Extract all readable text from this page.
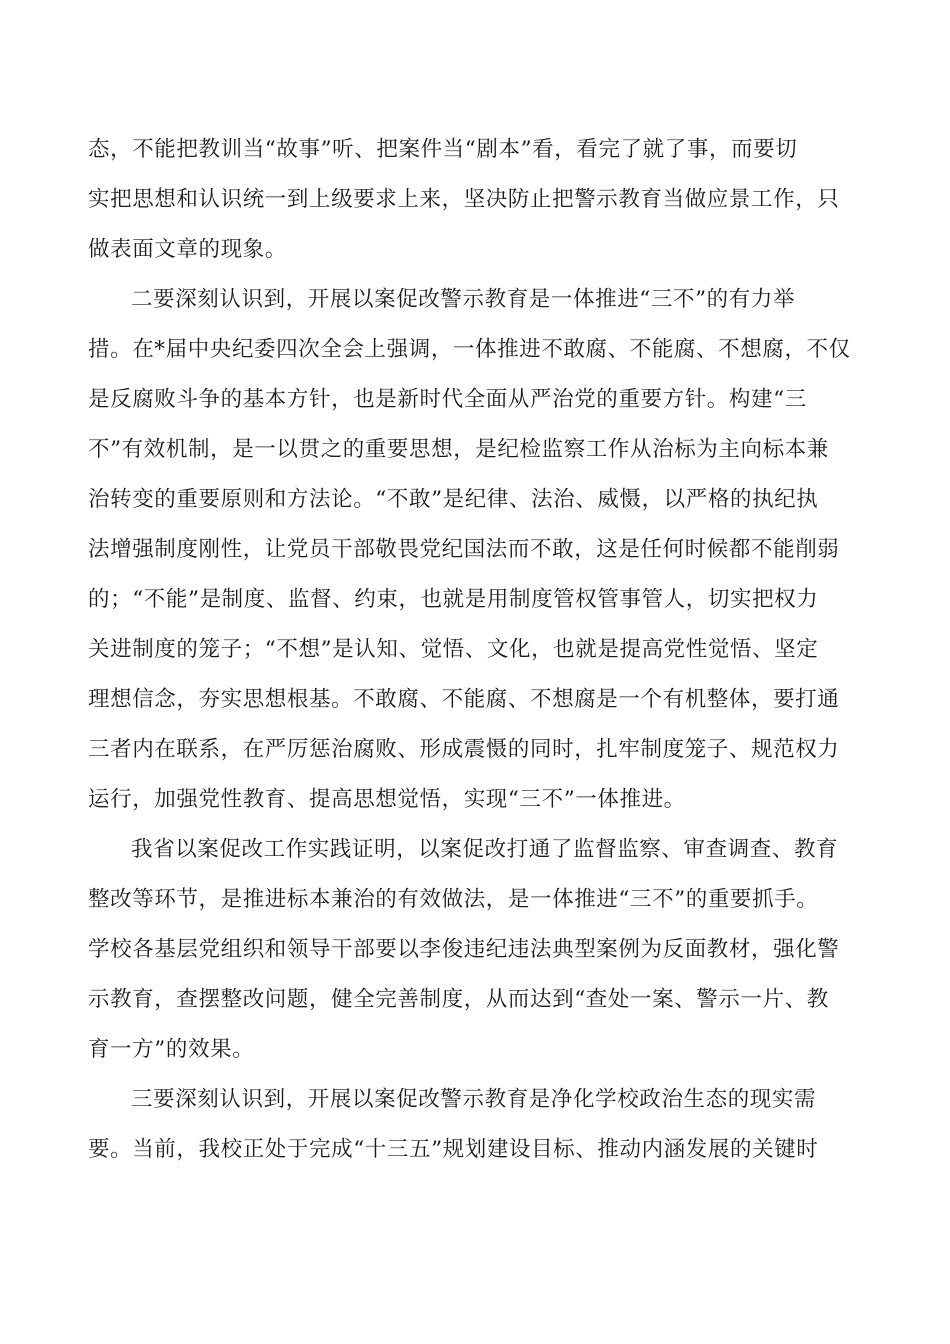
态，不能把教训当“故事”听、把案件当“剧本”看，看完了就了事，而要切
实把思想和认识统一到上级要求上来，坚决防止把警示教育当做应景工作，只
做表面文章的现象。
二要深刻认识到，开展以案促改警示教育是一体推进“三不”的有力举
措。在*届中央纪委四次全会上强调，一体推进不敢腐、不能腐、不想腐，不仅
是反腐败斗争的基本方针，也是新时代全面从严治党的重要方针。构建“三
不”有效机制，是一以贯之的重要思想，是纪检监察工作从治标为主向标本兼
治转变的重要原则和方法论。“不敢”是纪律、法治、威慑，以严格的执纪执
法增强制度刚性，让党员干部敬畏党纪国法而不敢，这是任何时候都不能削弱
的；“不能”是制度、监督、约束，也就是用制度管权管事管人，切实把权力
关进制度的笼子；“不想”是认知、觉悟、文化，也就是提高党性觉悟、坚定
理想信念，夯实思想根基。不敢腐、不能腐、不想腐是一个有机整体，要打通
三者内在联系，在严厉惩治腐败、形成震慑的同时，扎牢制度笼子、规范权力
运行，加强党性教育、提高思想觉悟，实现“三不”一体推进。
我省以案促改工作实践证明，以案促改打通了监督监察、审查调查、教育
整改等环节，是推进标本兼治的有效做法，是一体推进“三不”的重要抓手。
学校各基层党组织和领导干部要以李俊违纪违法典型案例为反面教材，强化警
示教育，查摆整改问题，健全完善制度，从而达到“查处一案、警示一片、教
育一方”的效果。
三要深刻认识到，开展以案促改警示教育是净化学校政治生态的现实需
要。当前，我校正处于完成“十三五”规划建设目标、推动内涵发展的关键时
